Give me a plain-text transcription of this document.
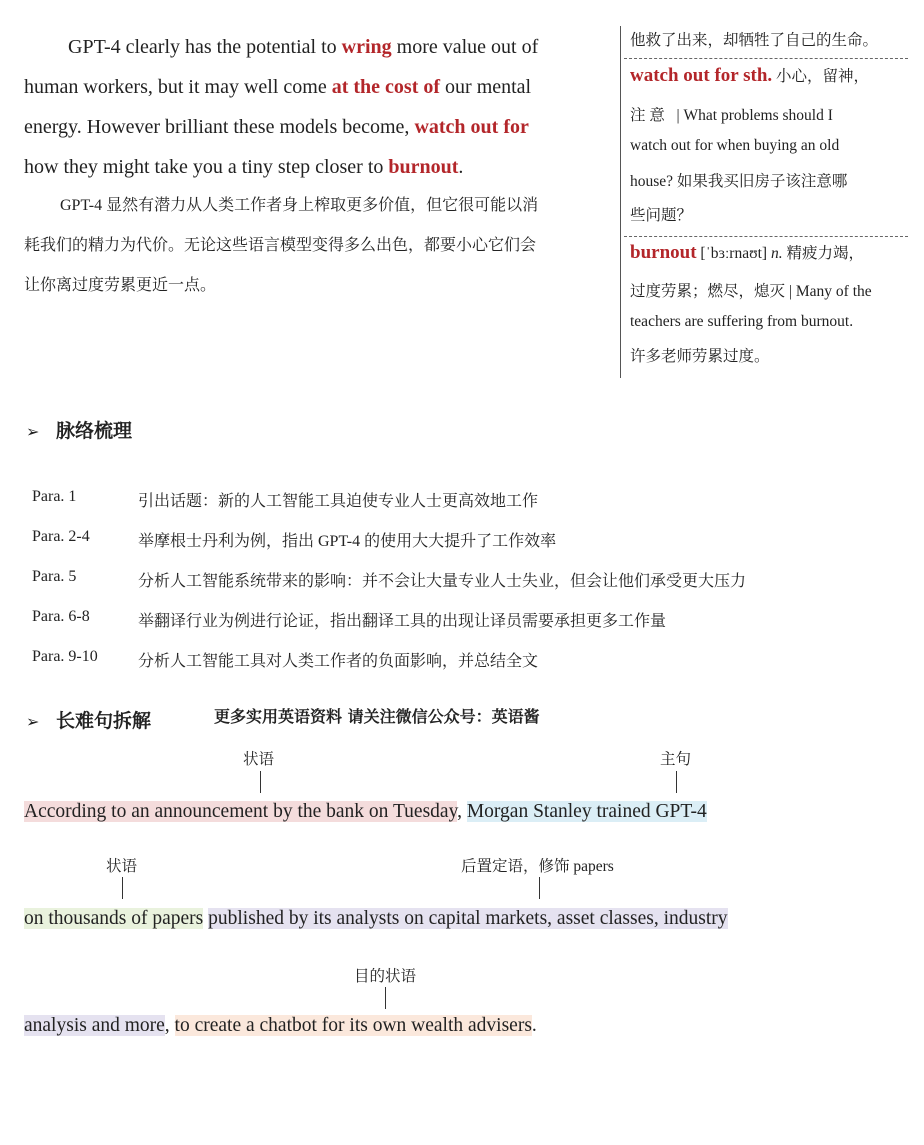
GPT-4 clearly has the potential to wring more value out of
human workers, but it may well come at the cost of our mental
energy. However brilliant these models become, watch out for
how they might take you a tiny step closer to burnout.
GPT-4 显然有潜力从人类工作者身上榨取更多价值，但它很可能以消
耗我们的精力为代价。无论这些语言模型变得多么出色，都要小心它们会
让你离过度劳累更近一点。
他救了出来，却牺牲了自己的生命。
watch out for sth. 小心，留神，
注 意   | What problems should I
watch out for when buying an old
house? 如果我买旧房子该注意哪
些问题？
burnout [ˈbɜːrnaʊt] n. 精疲力竭，
过度劳累；燃尽，熄灭 | Many of the
teachers are suffering from burnout.
许多老师劳累过度。
➢ 脉络梳理
Para. 1	引出话题：新的人工智能工具迫使专业人士更高效地工作
Para. 2-4	举摩根士丹利为例，指出 GPT-4 的使用大大提升了工作效率
Para. 5	分析人工智能系统带来的影响：并不会让大量专业人士失业，但会让他们承受更大压力
Para. 6-8	举翻译行业为例进行论证，指出翻译工具的出现让译员需要承担更多工作量
Para. 9-10	分析人工智能工具对人类工作者的负面影响，并总结全文
➢ 长难句拆解	更多实用英语资料 请关注微信公众号：英语酱
状语	主句
According to an announcement by the bank on Tuesday, Morgan Stanley trained GPT-4
状语	后置定语，修饰 papers
on thousands of papers published by its analysts on capital markets, asset classes, industry
目的状语
analysis and more, to create a chatbot for its own wealth advisers.
